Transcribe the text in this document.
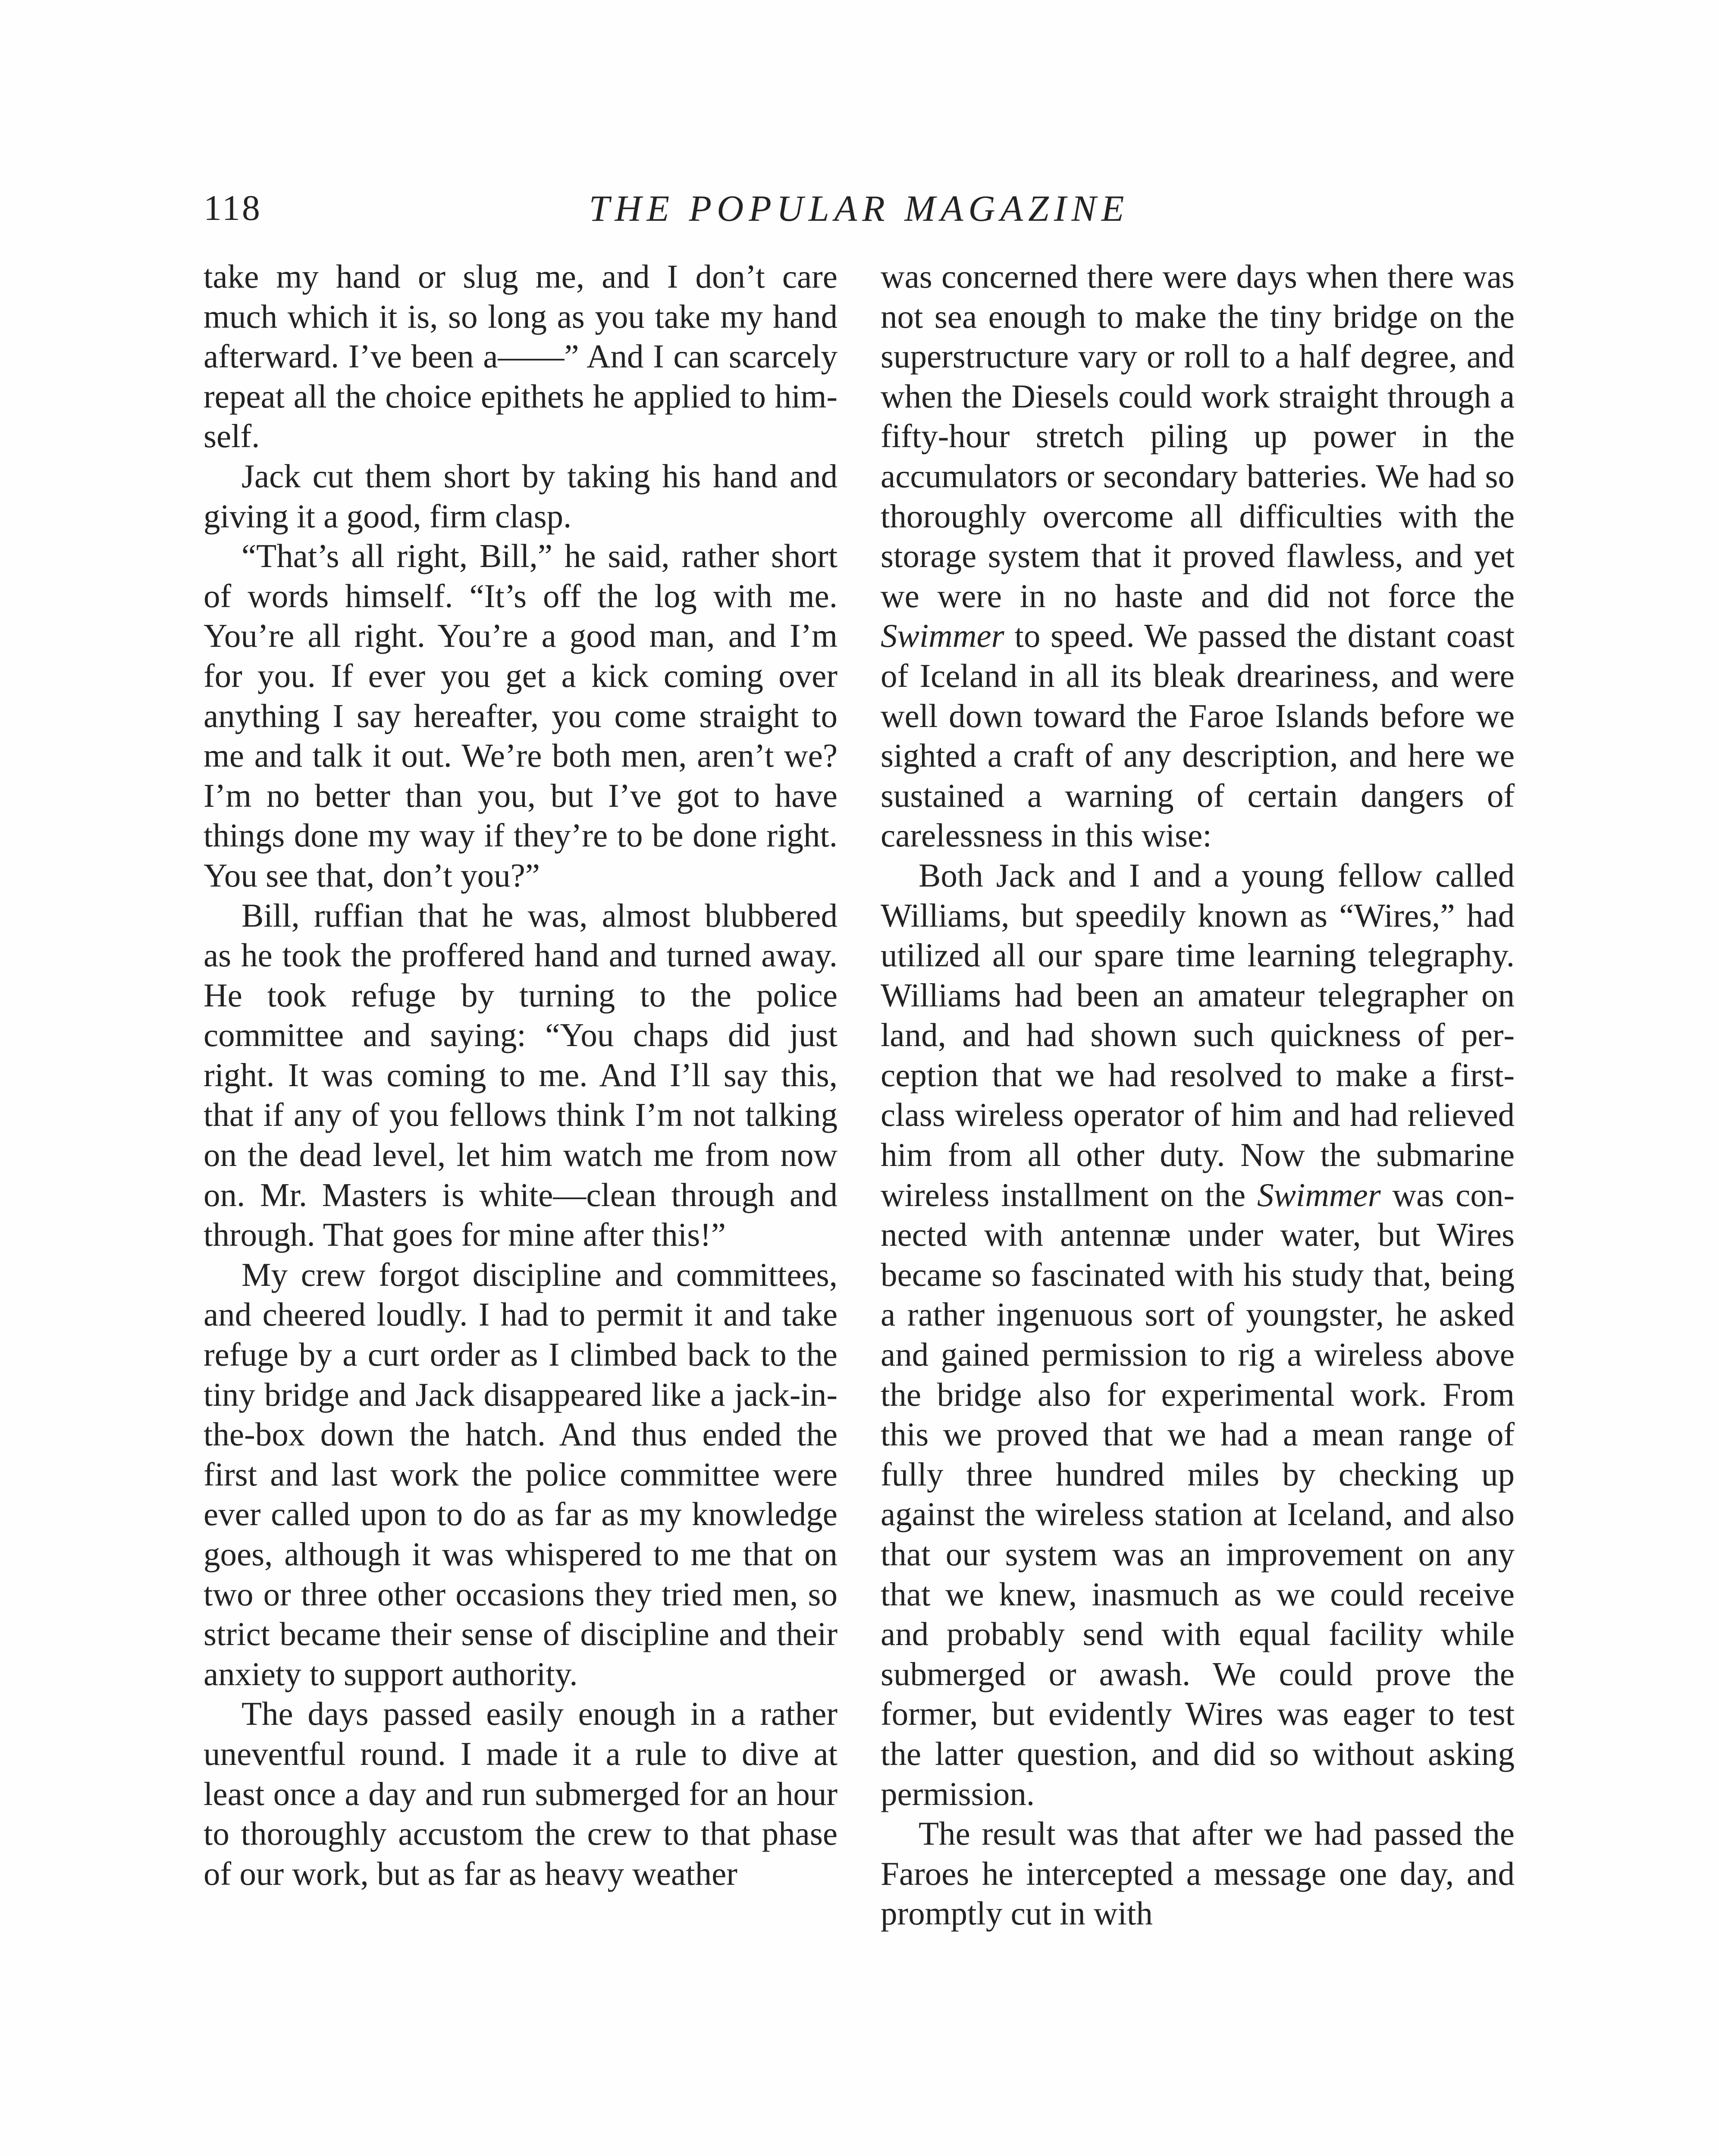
118	THE POPULAR MAGAZINE

take my hand or slug me, and I don’t care much which it is, so long as you take my hand afterward. I’ve been a——” And I can scarcely repeat all the choice epithets he applied to himself.

Jack cut them short by taking his hand and giving it a good, firm clasp.

“That’s all right, Bill,” he said, rather short of words himself. “It’s off the log with me. You’re all right. You’re a good man, and I’m for you. If ever you get a kick coming over anything I say hereafter, you come straight to me and talk it out. We’re both men, aren’t we? I’m no better than you, but I’ve got to have things done my way if they’re to be done right. You see that, don’t you?”

Bill, ruffian that he was, almost blubbered as he took the proffered hand and turned away. He took refuge by turning to the police committee and saying: “You chaps did just right. It was coming to me. And I’ll say this, that if any of you fellows think I’m not talking on the dead level, let him watch me from now on. Mr. Masters is white—clean through and through. That goes for mine after this!”

My crew forgot discipline and committees, and cheered loudly. I had to permit it and take refuge by a curt order as I climbed back to the tiny bridge and Jack disappeared like a jack-in-the-box down the hatch. And thus ended the first and last work the police committee were ever called upon to do as far as my knowledge goes, although it was whispered to me that on two or three other occasions they tried men, so strict became their sense of discipline and their anxiety to support authority.

The days passed easily enough in a rather uneventful round. I made it a rule to dive at least once a day and run submerged for an hour to thoroughly accustom the crew to that phase of our work, but as far as heavy weather

was concerned there were days when there was not sea enough to make the tiny bridge on the superstructure vary or roll to a half degree, and when the Diesels could work straight through a fifty-hour stretch piling up power in the accumulators or secondary batteries. We had so thoroughly overcome all difficulties with the storage system that it proved flawless, and yet we were in no haste and did not force the Swimmer to speed. We passed the distant coast of Iceland in all its bleak dreariness, and were well down toward the Faroe Islands before we sighted a craft of any description, and here we sustained a warning of certain dangers of carelessness in this wise:

Both Jack and I and a young fellow called Williams, but speedily known as “Wires,” had utilized all our spare time learning telegraphy. Williams had been an amateur telegrapher on land, and had shown such quickness of perception that we had resolved to make a first-class wireless operator of him and had relieved him from all other duty. Now the submarine wireless installment on the Swimmer was connected with antennæ under water, but Wires became so fascinated with his study that, being a rather ingenuous sort of youngster, he asked and gained permission to rig a wireless above the bridge also for experimental work. From this we proved that we had a mean range of fully three hundred miles by checking up against the wireless station at Iceland, and also that our system was an improvement on any that we knew, inasmuch as we could receive and probably send with equal facility while submerged or awash. We could prove the former, but evidently Wires was eager to test the latter question, and did so without asking permission.

The result was that after we had passed the Faroes he intercepted a message one day, and promptly cut in with
